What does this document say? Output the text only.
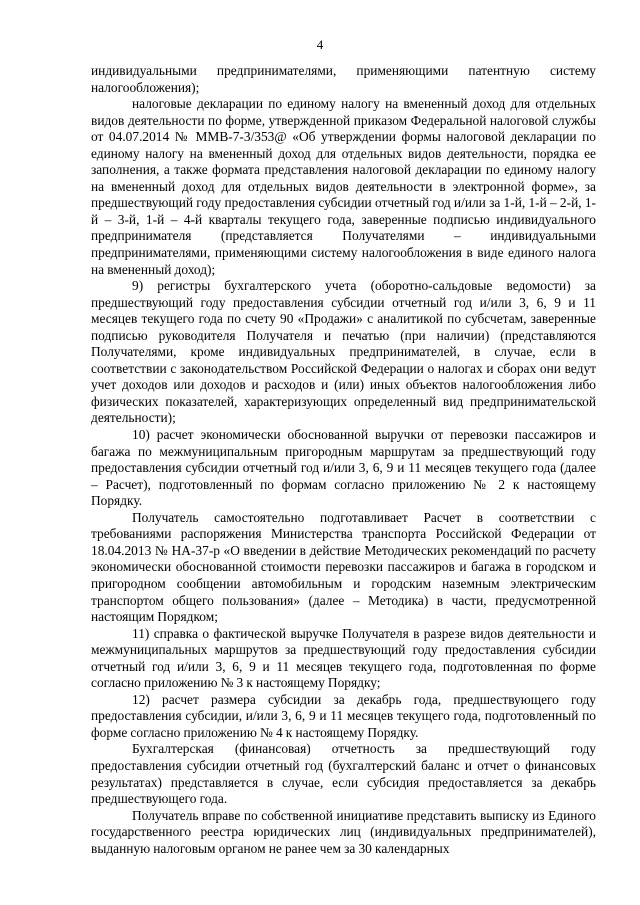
4

индивидуальными предпринимателями, применяющими патентную систему налогообложения);

налоговые декларации по единому налогу на вмененный доход для отдельных видов деятельности по форме, утвержденной приказом Федеральной налоговой службы от 04.07.2014 № ММВ-7-3/353@ «Об утверждении формы налоговой декларации по единому налогу на вмененный доход для отдельных видов деятельности, порядка ее заполнения, а также формата представления налоговой декларации по единому налогу на вмененный доход для отдельных видов деятельности в электронной форме», за предшествующий году предоставления субсидии отчетный год и/или за 1-й, 1-й – 2-й, 1-й – 3-й, 1-й – 4-й кварталы текущего года, заверенные подписью индивидуального предпринимателя (представляется Получателями – индивидуальными предпринимателями, применяющими систему налогообложения в виде единого налога на вмененный доход);

9) регистры бухгалтерского учета (оборотно-сальдовые ведомости) за предшествующий году предоставления субсидии отчетный год и/или 3, 6, 9 и 11 месяцев текущего года по счету 90 «Продажи» с аналитикой по субсчетам, заверенные подписью руководителя Получателя и печатью (при наличии) (представляются Получателями, кроме индивидуальных предпринимателей, в случае, если в соответствии с законодательством Российской Федерации о налогах и сборах они ведут учет доходов или доходов и расходов и (или) иных объектов налогообложения либо физических показателей, характеризующих определенный вид предпринимательской деятельности);

10) расчет экономически обоснованной выручки от перевозки пассажиров и багажа по межмуниципальным пригородным маршрутам за предшествующий году предоставления субсидии отчетный год и/или 3, 6, 9 и 11 месяцев текущего года (далее – Расчет), подготовленный по формам согласно приложению № 2 к настоящему Порядку.

Получатель самостоятельно подготавливает Расчет в соответствии с требованиями распоряжения Министерства транспорта Российской Федерации от 18.04.2013 № НА-37-р «О введении в действие Методических рекомендаций по расчету экономически обоснованной стоимости перевозки пассажиров и багажа в городском и пригородном сообщении автомобильным и городским наземным электрическим транспортом общего пользования» (далее – Методика) в части, предусмотренной настоящим Порядком;

11) справка о фактической выручке Получателя в разрезе видов деятельности и межмуниципальных маршрутов за предшествующий году предоставления субсидии отчетный год и/или 3, 6, 9 и 11 месяцев текущего года, подготовленная по форме согласно приложению № 3 к настоящему Порядку;

12) расчет размера субсидии за декабрь года, предшествующего году предоставления субсидии, и/или 3, 6, 9 и 11 месяцев текущего года, подготовленный по форме согласно приложению № 4 к настоящему Порядку.

Бухгалтерская (финансовая) отчетность за предшествующий году предоставления субсидии отчетный год (бухгалтерский баланс и отчет о финансовых результатах) представляется в случае, если субсидия предоставляется за декабрь предшествующего года.

Получатель вправе по собственной инициативе представить выписку из Единого государственного реестра юридических лиц (индивидуальных предпринимателей), выданную налоговым органом не ранее чем за 30 календарных
